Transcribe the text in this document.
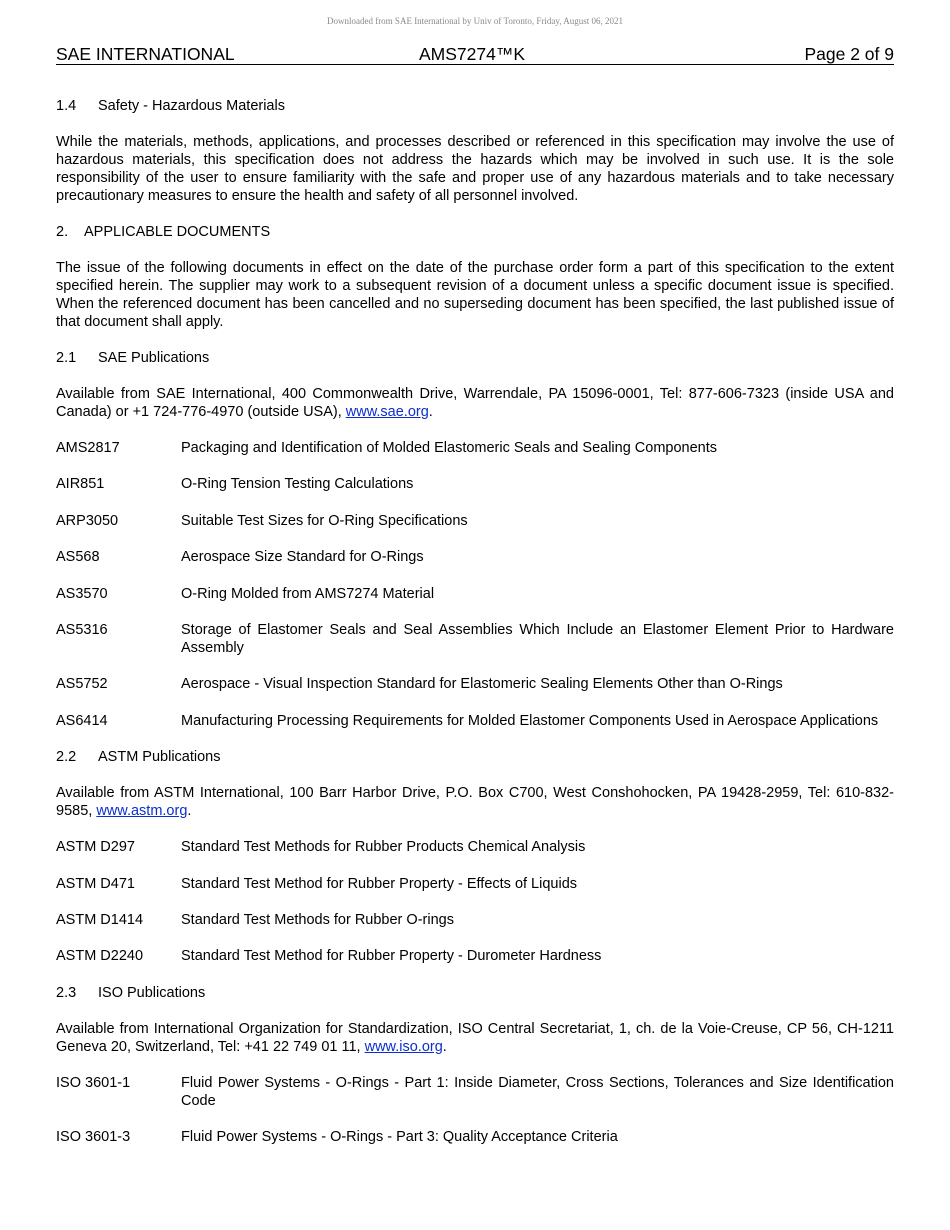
Downloaded from SAE International by Univ of Toronto, Friday, August 06, 2021
SAE INTERNATIONAL	AMS7274™K	Page 2 of 9
1.4 Safety - Hazardous Materials

While the materials, methods, applications, and processes described or referenced in this specification may involve the use of hazardous materials, this specification does not address the hazards which may be involved in such use. It is the sole responsibility of the user to ensure familiarity with the safe and proper use of any hazardous materials and to take necessary precautionary measures to ensure the health and safety of all personnel involved.

2. APPLICABLE DOCUMENTS

The issue of the following documents in effect on the date of the purchase order form a part of this specification to the extent specified herein. The supplier may work to a subsequent revision of a document unless a specific document issue is specified. When the referenced document has been cancelled and no superseding document has been specified, the last published issue of that document shall apply.

2.1 SAE Publications

Available from SAE International, 400 Commonwealth Drive, Warrendale, PA 15096-0001, Tel: 877-606-7323 (inside USA and Canada) or +1 724-776-4970 (outside USA), www.sae.org.

AMS2817	Packaging and Identification of Molded Elastomeric Seals and Sealing Components
AIR851	O-Ring Tension Testing Calculations
ARP3050	Suitable Test Sizes for O-Ring Specifications
AS568	Aerospace Size Standard for O-Rings
AS3570	O-Ring Molded from AMS7274 Material
AS5316	Storage of Elastomer Seals and Seal Assemblies Which Include an Elastomer Element Prior to Hardware Assembly
AS5752	Aerospace - Visual Inspection Standard for Elastomeric Sealing Elements Other than O-Rings
AS6414	Manufacturing Processing Requirements for Molded Elastomer Components Used in Aerospace Applications
2.2 ASTM Publications

Available from ASTM International, 100 Barr Harbor Drive, P.O. Box C700, West Conshohocken, PA 19428-2959, Tel: 610-832-9585, www.astm.org.

ASTM D297	Standard Test Methods for Rubber Products Chemical Analysis
ASTM D471	Standard Test Method for Rubber Property - Effects of Liquids
ASTM D1414	Standard Test Methods for Rubber O-rings
ASTM D2240	Standard Test Method for Rubber Property - Durometer Hardness
2.3 ISO Publications

Available from International Organization for Standardization, ISO Central Secretariat, 1, ch. de la Voie-Creuse, CP 56, CH-1211 Geneva 20, Switzerland, Tel: +41 22 749 01 11, www.iso.org.

ISO 3601-1	Fluid Power Systems - O-Rings - Part 1: Inside Diameter, Cross Sections, Tolerances and Size Identification Code
ISO 3601-3	Fluid Power Systems - O-Rings - Part 3: Quality Acceptance Criteria
